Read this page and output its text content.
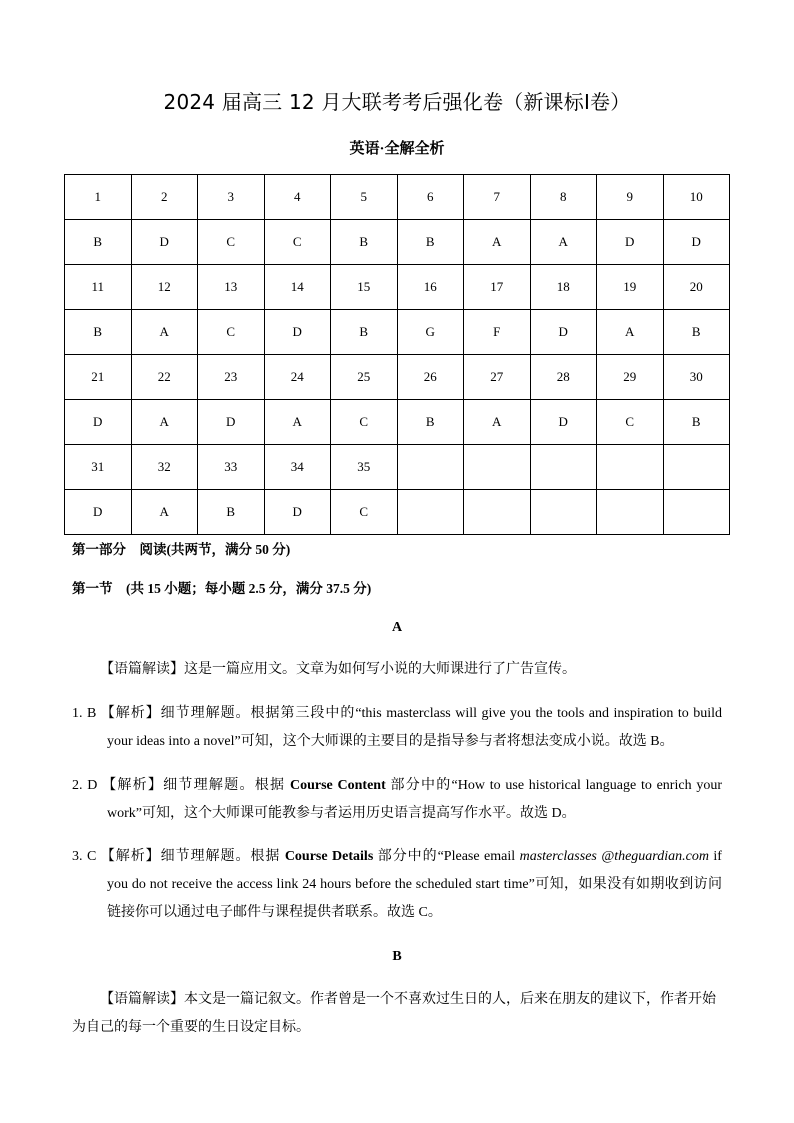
2024 届高三 12 月大联考考后强化卷（新课标Ⅰ卷）
英语·全解全析
1	2	3	4	5	6	7	8	9	10
B	D	C	C	B	B	A	A	D	D
11	12	13	14	15	16	17	18	19	20
B	A	C	D	B	G	F	D	A	B
21	22	23	24	25	26	27	28	29	30
D	A	D	A	C	B	A	D	C	B
31	32	33	34	35					
D	A	B	D	C					
第一部分　阅读(共两节，满分 50 分)
第一节　(共 15 小题；每小题 2.5 分，满分 37.5 分)
A
【语篇解读】这是一篇应用文。文章为如何写小说的大师课进行了广告宣传。
1. B 【解析】细节理解题。根据第三段中的“this masterclass will give you the tools and inspiration to build your ideas into a novel”可知，这个大师课的主要目的是指导参与者将想法变成小说。故选 B。
2. D 【解析】细节理解题。根据 Course Content 部分中的“How to use historical language to enrich your work”可知，这个大师课可能教参与者运用历史语言提高写作水平。故选 D。
3. C 【解析】细节理解题。根据 Course Details 部分中的“Please email masterclasses @theguardian.com if you do not receive the access link 24 hours before the scheduled start time”可知，如果没有如期收到访问链接你可以通过电子邮件与课程提供者联系。故选 C。
B
【语篇解读】本文是一篇记叙文。作者曾是一个不喜欢过生日的人，后来在朋友的建议下，作者开始为自己的每一个重要的生日设定目标。
